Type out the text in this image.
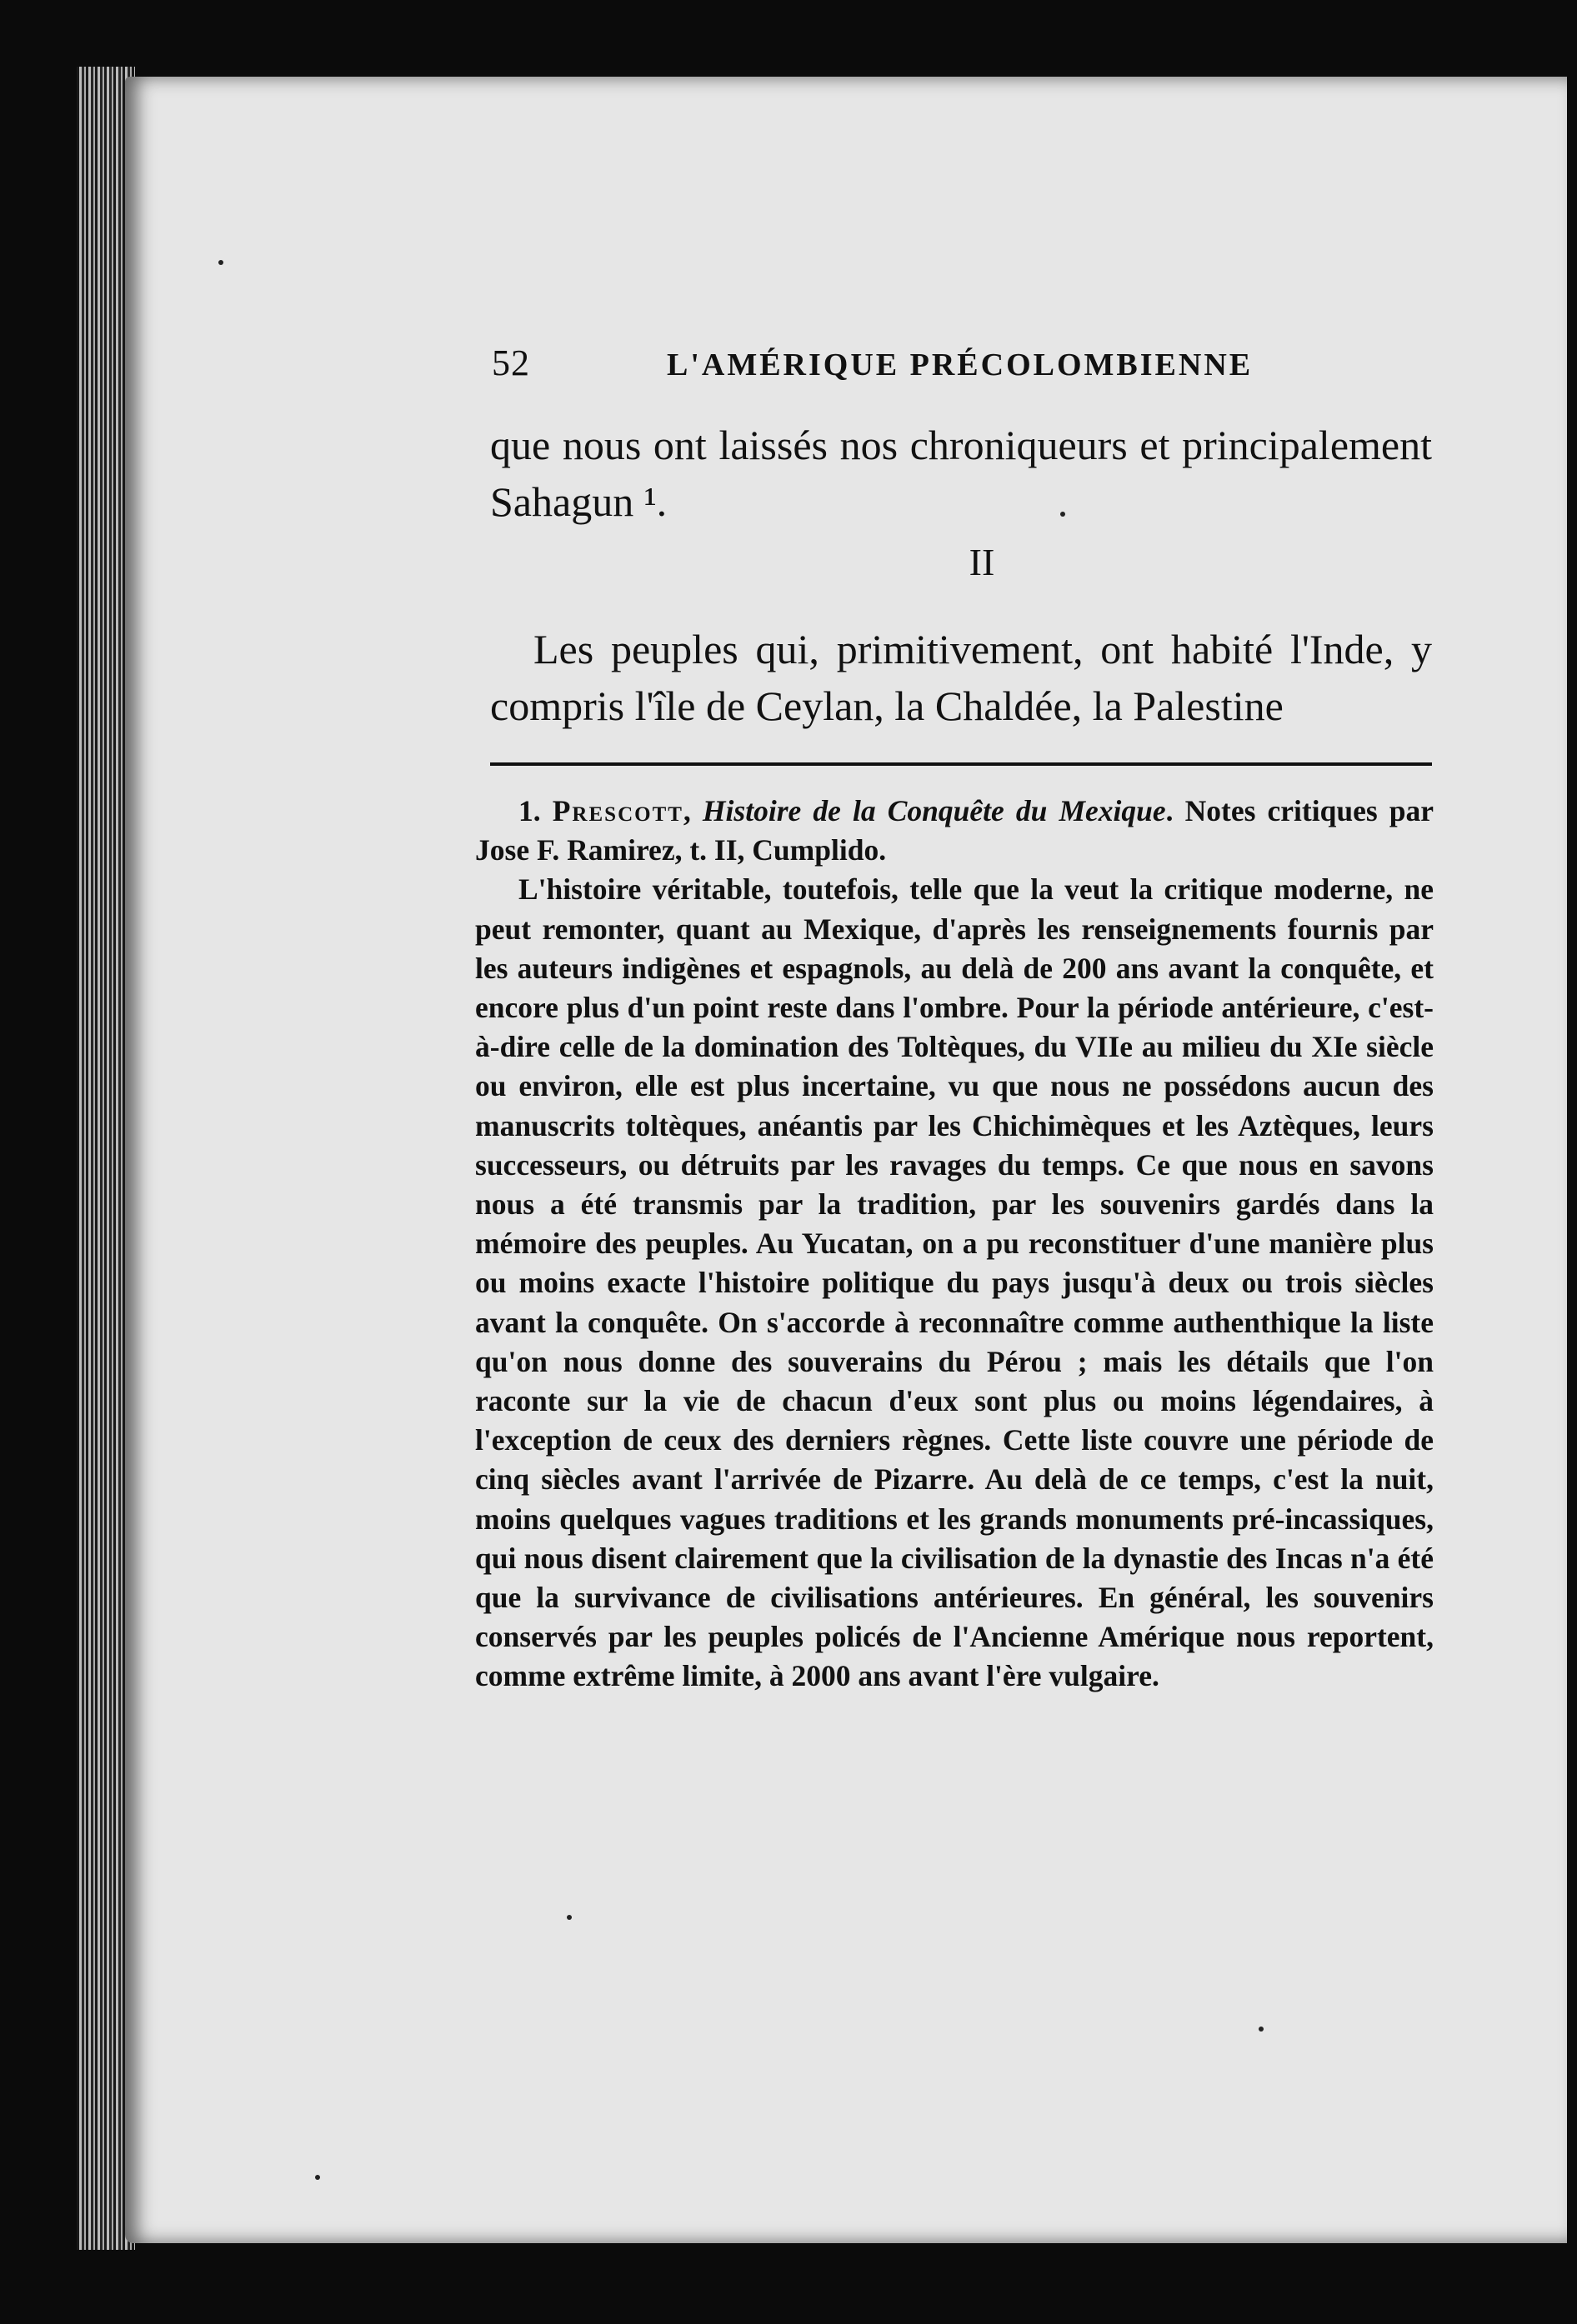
52	L'AMÉRIQUE PRÉCOLOMBIENNE

que nous ont laissés nos chroniqueurs et principalement Sahagun ¹.

II

Les peuples qui, primitivement, ont habité l'Inde, y compris l'île de Ceylan, la Chaldée, la Palestine

1. Prescott, Histoire de la Conquête du Mexique. Notes critiques par Jose F. Ramirez, t. II, Cumplido.

L'histoire véritable, toutefois, telle que la veut la critique moderne, ne peut remonter, quant au Mexique, d'après les renseignements fournis par les auteurs indigènes et espagnols, au delà de 200 ans avant la conquête, et encore plus d'un point reste dans l'ombre. Pour la période antérieure, c'est-à-dire celle de la domination des Toltèques, du VIIe au milieu du XIe siècle ou environ, elle est plus incertaine, vu que nous ne possédons aucun des manuscrits toltèques, anéantis par les Chichimèques et les Aztèques, leurs successeurs, ou détruits par les ravages du temps. Ce que nous en savons nous a été transmis par la tradition, par les souvenirs gardés dans la mémoire des peuples. Au Yucatan, on a pu reconstituer d'une manière plus ou moins exacte l'histoire politique du pays jusqu'à deux ou trois siècles avant la conquête. On s'accorde à reconnaître comme authenthique la liste qu'on nous donne des souverains du Pérou ; mais les détails que l'on raconte sur la vie de chacun d'eux sont plus ou moins légendaires, à l'exception de ceux des derniers règnes. Cette liste couvre une période de cinq siècles avant l'arrivée de Pizarre. Au delà de ce temps, c'est la nuit, moins quelques vagues traditions et les grands monuments pré-incassiques, qui nous disent clairement que la civilisation de la dynastie des Incas n'a été que la survivance de civilisations antérieures. En général, les souvenirs conservés par les peuples policés de l'Ancienne Amérique nous reportent, comme extrême limite, à 2000 ans avant l'ère vulgaire.
